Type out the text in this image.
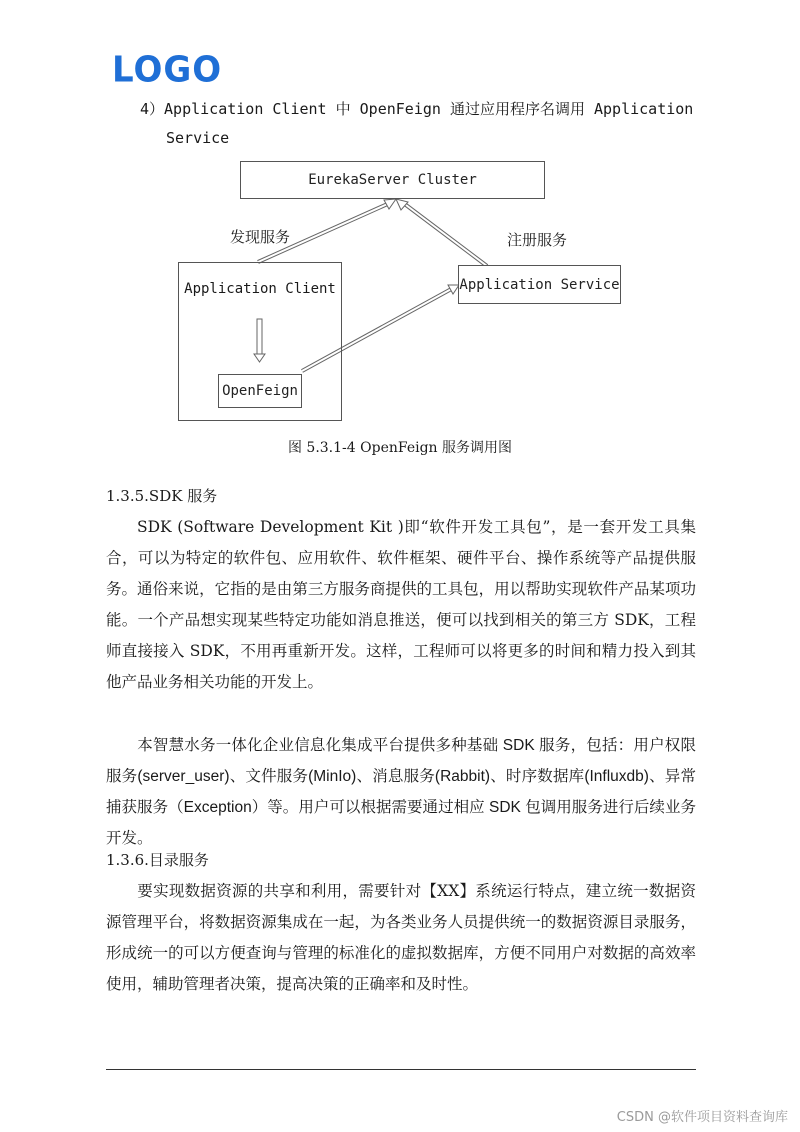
LOGO
4）Application Client 中 OpenFeign 通过应用程序名调用 Application
Service
EurekaServer Cluster
发现服务	注册服务
Application Client	Application Service
OpenFeign
图 5.3.1-4 OpenFeign 服务调用图
1.3.5.SDK 服务
SDK (Software Development Kit )即“软件开发工具包”，是一套开发工具集合，可以为特定的软件包、应用软件、软件框架、硬件平台、操作系统等产品提供服务。通俗来说，它指的是由第三方服务商提供的工具包，用以帮助实现软件产品某项功能。一个产品想实现某些特定功能如消息推送，便可以找到相关的第三方 SDK，工程师直接接入 SDK，不用再重新开发。这样，工程师可以将更多的时间和精力投入到其他产品业务相关功能的开发上。
本智慧水务一体化企业信息化集成平台提供多种基础 SDK 服务，包括：用户权限服务(server_user)、文件服务(MinIo)、消息服务(Rabbit)、时序数据库(Influxdb)、异常捕获服务（Exception）等。用户可以根据需要通过相应 SDK 包调用服务进行后续业务开发。
1.3.6.目录服务
要实现数据资源的共享和利用，需要针对【XX】系统运行特点，建立统一数据资源管理平台，将数据资源集成在一起，为各类业务人员提供统一的数据资源目录服务，形成统一的可以方便查询与管理的标准化的虚拟数据库，方便不同用户对数据的高效率使用，辅助管理者决策，提高决策的正确率和及时性。
CSDN @软件项目资料查询库
